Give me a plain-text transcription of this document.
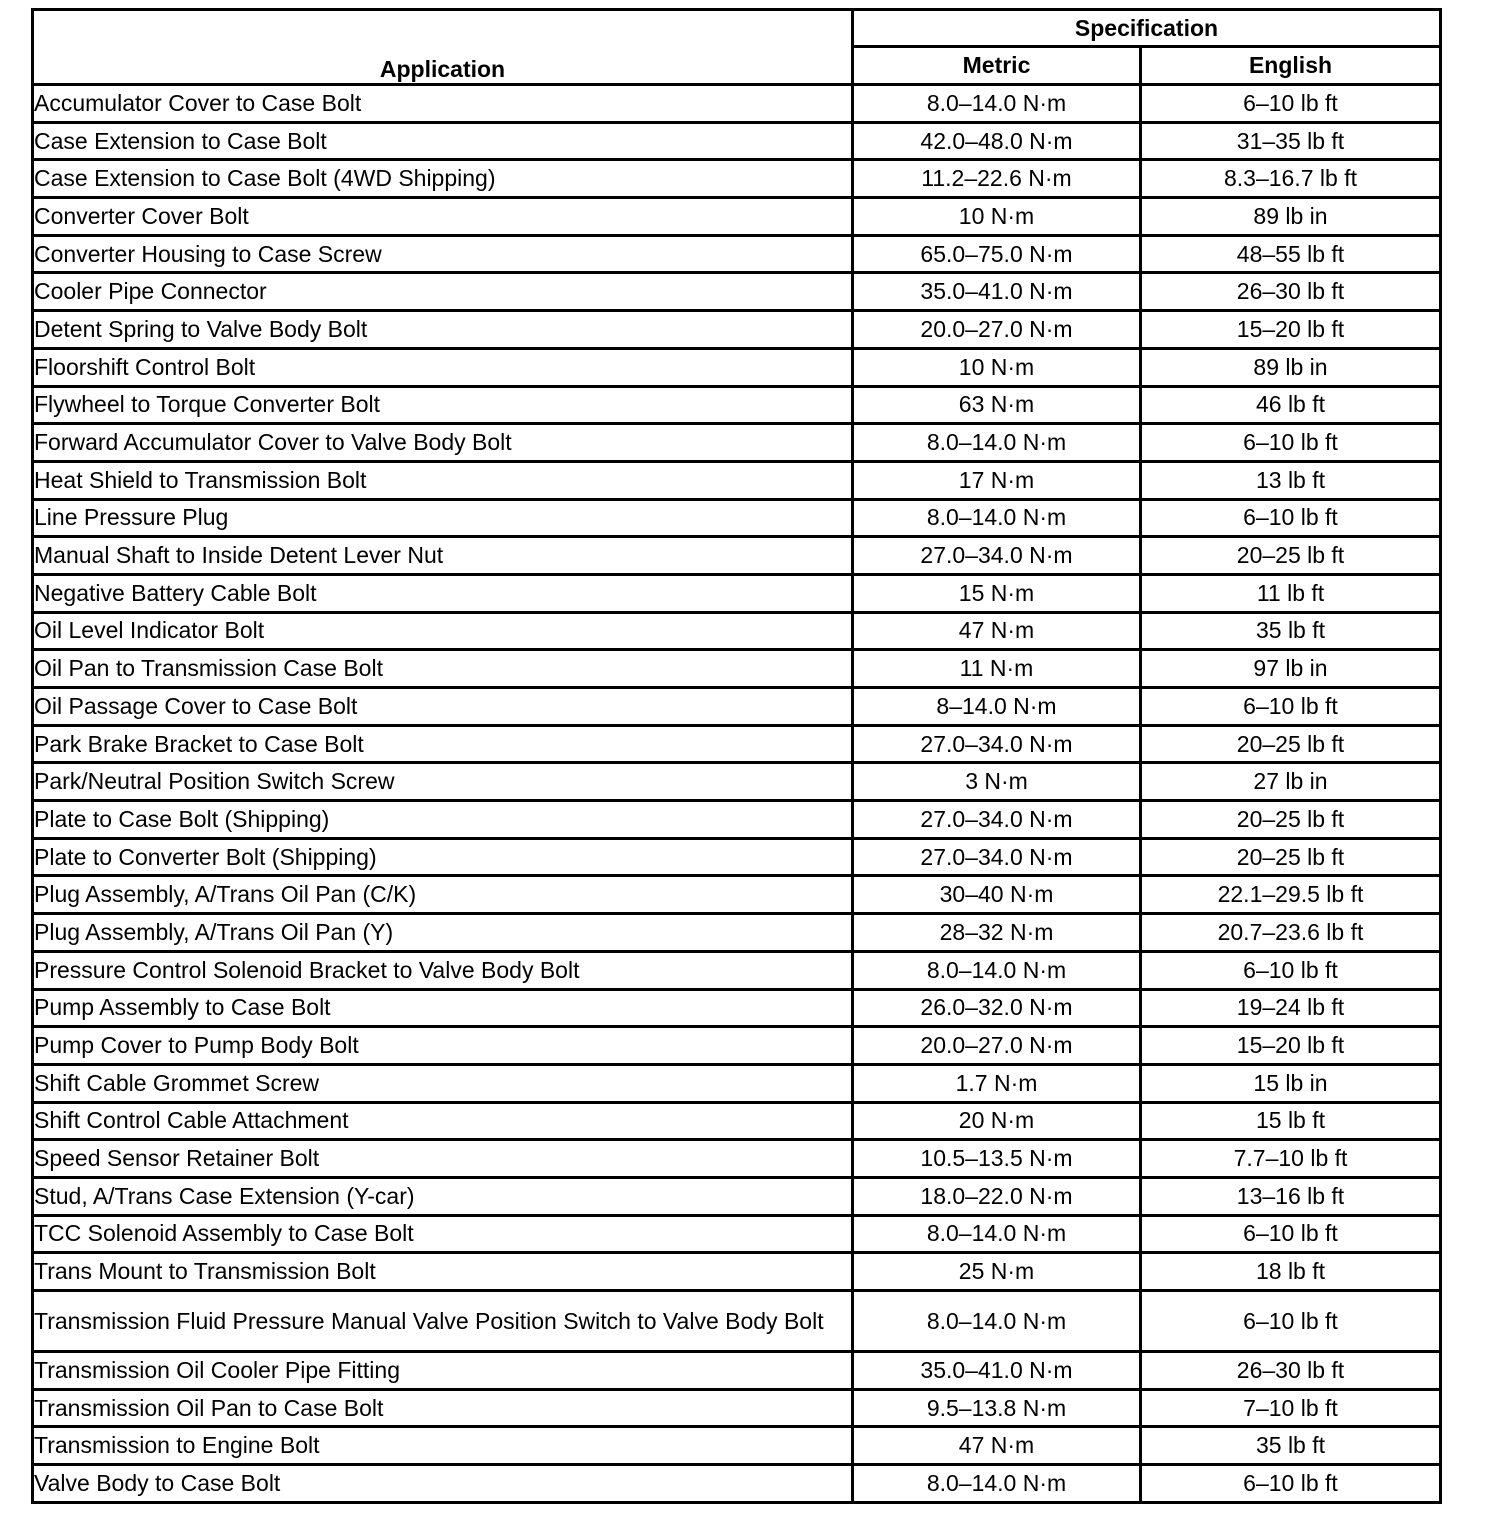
Application	Specification	
	Metric	English
Accumulator Cover to Case Bolt	8.0–14.0 N·m	6–10 lb ft
Case Extension to Case Bolt	42.0–48.0 N·m	31–35 lb ft
Case Extension to Case Bolt (4WD Shipping)	11.2–22.6 N·m	8.3–16.7 lb ft
Converter Cover Bolt	10 N·m	89 lb in
Converter Housing to Case Screw	65.0–75.0 N·m	48–55 lb ft
Cooler Pipe Connector	35.0–41.0 N·m	26–30 lb ft
Detent Spring to Valve Body Bolt	20.0–27.0 N·m	15–20 lb ft
Floorshift Control Bolt	10 N·m	89 lb in
Flywheel to Torque Converter Bolt	63 N·m	46 lb ft
Forward Accumulator Cover to Valve Body Bolt	8.0–14.0 N·m	6–10 lb ft
Heat Shield to Transmission Bolt	17 N·m	13 lb ft
Line Pressure Plug	8.0–14.0 N·m	6–10 lb ft
Manual Shaft to Inside Detent Lever Nut	27.0–34.0 N·m	20–25 lb ft
Negative Battery Cable Bolt	15 N·m	11 lb ft
Oil Level Indicator Bolt	47 N·m	35 lb ft
Oil Pan to Transmission Case Bolt	11 N·m	97 lb in
Oil Passage Cover to Case Bolt	8–14.0 N·m	6–10 lb ft
Park Brake Bracket to Case Bolt	27.0–34.0 N·m	20–25 lb ft
Park/Neutral Position Switch Screw	3 N·m	27 lb in
Plate to Case Bolt (Shipping)	27.0–34.0 N·m	20–25 lb ft
Plate to Converter Bolt (Shipping)	27.0–34.0 N·m	20–25 lb ft
Plug Assembly, A/Trans Oil Pan (C/K)	30–40 N·m	22.1–29.5 lb ft
Plug Assembly, A/Trans Oil Pan (Y)	28–32 N·m	20.7–23.6 lb ft
Pressure Control Solenoid Bracket to Valve Body Bolt	8.0–14.0 N·m	6–10 lb ft
Pump Assembly to Case Bolt	26.0–32.0 N·m	19–24 lb ft
Pump Cover to Pump Body Bolt	20.0–27.0 N·m	15–20 lb ft
Shift Cable Grommet Screw	1.7 N·m	15 lb in
Shift Control Cable Attachment	20 N·m	15 lb ft
Speed Sensor Retainer Bolt	10.5–13.5 N·m	7.7–10 lb ft
Stud, A/Trans Case Extension (Y-car)	18.0–22.0 N·m	13–16 lb ft
TCC Solenoid Assembly to Case Bolt	8.0–14.0 N·m	6–10 lb ft
Trans Mount to Transmission Bolt	25 N·m	18 lb ft
Transmission Fluid Pressure Manual Valve Position Switch to Valve Body Bolt	8.0–14.0 N·m	6–10 lb ft
Transmission Oil Cooler Pipe Fitting	35.0–41.0 N·m	26–30 lb ft
Transmission Oil Pan to Case Bolt	9.5–13.8 N·m	7–10 lb ft
Transmission to Engine Bolt	47 N·m	35 lb ft
Valve Body to Case Bolt	8.0–14.0 N·m	6–10 lb ft
